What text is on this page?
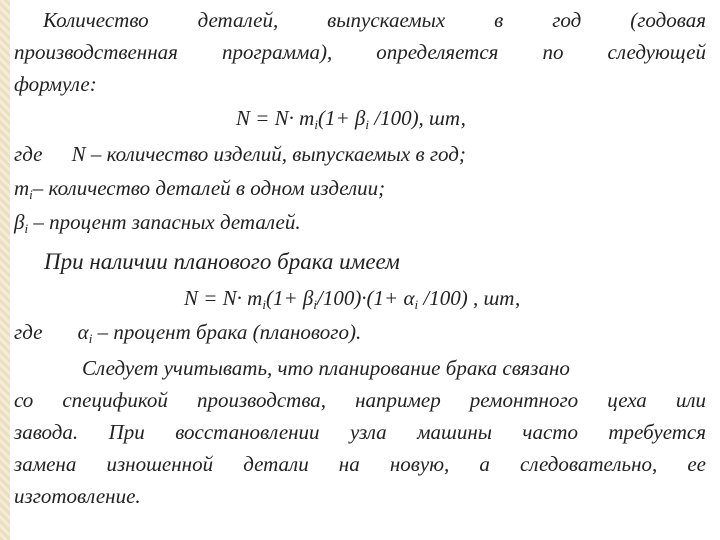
Количество деталей, выпускаемых в год (годовая
производственная программа), определяется по следующей
формуле:
$N = N\cdot m_i(1+ \beta_i$ /100), шт,
где N – количество изделий, выпускаемых в год;
$m_i-$ количество деталей в одном изделии;
$\beta_i$ – процент запасных деталей.
При наличии планового брака имеем
$N = N\cdot m_i(1+ \beta_i/100)\cdot(1+ \alpha_i$ /100) , шт,
где $\alpha_i$ – процент брака (планового).
Следует учитывать, что планирование брака связано
со спецификой производства, например ремонтного цеха или
завода. При восстановлении узла машины часто требуется
замена изношенной детали на новую, а следовательно, ее
изготовление.
